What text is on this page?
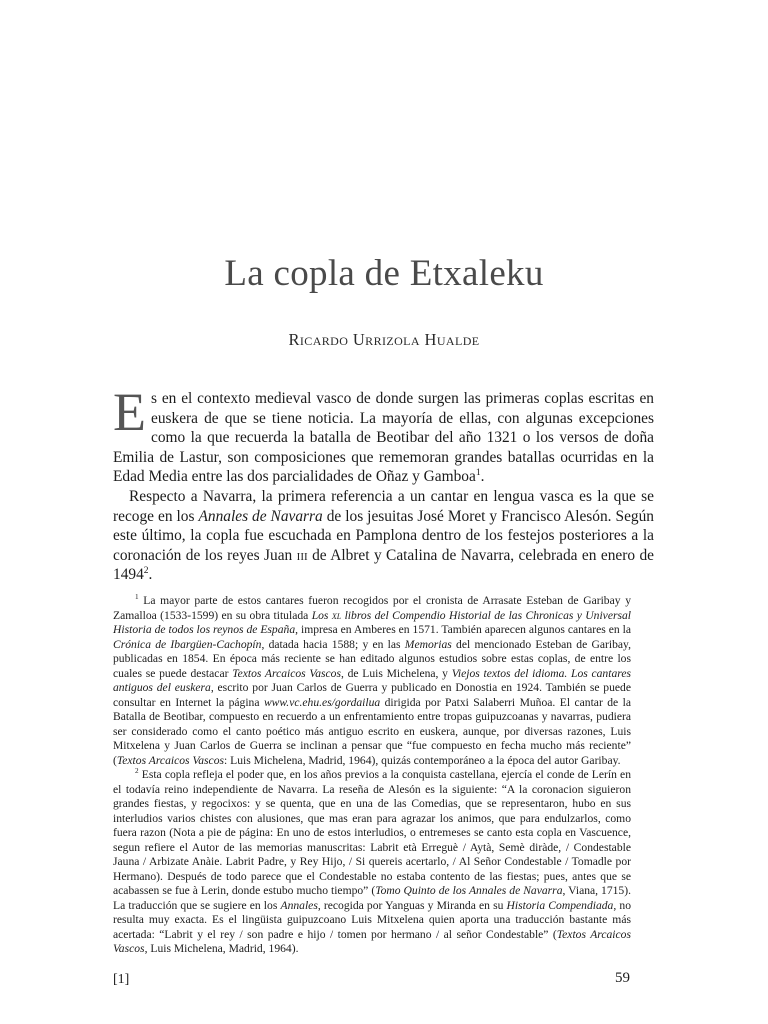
La copla de Etxaleku
Ricardo Urrizola Hualde

Es en el contexto medieval vasco de donde surgen las primeras coplas escritas en euskera de que se tiene noticia. La mayoría de ellas, con algunas excepciones como la que recuerda la batalla de Beotibar del año 1321 o los versos de doña Emilia de Lastur, son composiciones que rememoran grandes batallas ocurridas en la Edad Media entre las dos parcialidades de Oñaz y Gamboa$^1$.

Respecto a Navarra, la primera referencia a un cantar en lengua vasca es la que se recoge en los Annales de Navarra de los jesuitas José Moret y Francisco Alesón. Según este último, la copla fue escuchada en Pamplona dentro de los festejos posteriores a la coronación de los reyes Juan iii de Albret y Catalina de Navarra, celebrada en enero de 1494$^2$.

$^1$ La mayor parte de estos cantares fueron recogidos por el cronista de Arrasate Esteban de Garibay y Zamalloa (1533-1599) en su obra titulada Los xl libros del Compendio Historial de las Chronicas y Universal Historia de todos los reynos de España, impresa en Amberes en 1571. También aparecen algunos cantares en la Crónica de Ibargüen-Cachopín, datada hacia 1588; y en las Memorias del mencionado Esteban de Garibay, publicadas en 1854. En época más reciente se han editado algunos estudios sobre estas coplas, de entre los cuales se puede destacar Textos Arcaicos Vascos, de Luis Michelena, y Viejos textos del idioma. Los cantares antiguos del euskera, escrito por Juan Carlos de Guerra y publicado en Donostia en 1924. También se puede consultar en Internet la página www.vc.ehu.es/gordailua dirigida por Patxi Salaberri Muñoa. El cantar de la Batalla de Beotibar, compuesto en recuerdo a un enfrentamiento entre tropas guipuzcoanas y navarras, pudiera ser considerado como el canto poético más antiguo escrito en euskera, aunque, por diversas razones, Luis Mitxelena y Juan Carlos de Guerra se inclinan a pensar que “fue compuesto en fecha mucho más reciente” (Textos Arcaicos Vascos: Luis Michelena, Madrid, 1964), quizás contemporáneo a la época del autor Garibay.

$^2$ Esta copla refleja el poder que, en los años previos a la conquista castellana, ejercía el conde de Lerín en el todavía reino independiente de Navarra. La reseña de Alesón es la siguiente: “A la coronacion siguieron grandes fiestas, y regocixos: y se quenta, que en una de las Comedias, que se representaron, hubo en sus interludios varios chistes con alusiones, que mas eran para agrazar los animos, que para endulzarlos, como fuera razon (Nota a pie de página: En uno de estos interludios, o entremeses se canto esta copla en Vascuence, segun refiere el Autor de las memorias manuscritas: Labrit età Erreguè / Aytà, Semè diràde, / Condestable Jauna / Arbizate Anàie. Labrit Padre, y Rey Hijo, / Si quereis acertarlo, / Al Señor Condestable / Tomadle por Hermano). Después de todo parece que el Condestable no estaba contento de las fiestas; pues, antes que se acabassen se fue à Lerin, donde estubo mucho tiempo” (Tomo Quinto de los Annales de Navarra, Viana, 1715). La traducción que se sugiere en los Annales, recogida por Yanguas y Miranda en su Historia Compendiada, no resulta muy exacta. Es el lingüista guipuzcoano Luis Mitxelena quien aporta una traducción bastante más acertada: “Labrit y el rey / son padre e hijo / tomen por hermano / al señor Condestable” (Textos Arcaicos Vascos, Luis Michelena, Madrid, 1964).

[1]	59
